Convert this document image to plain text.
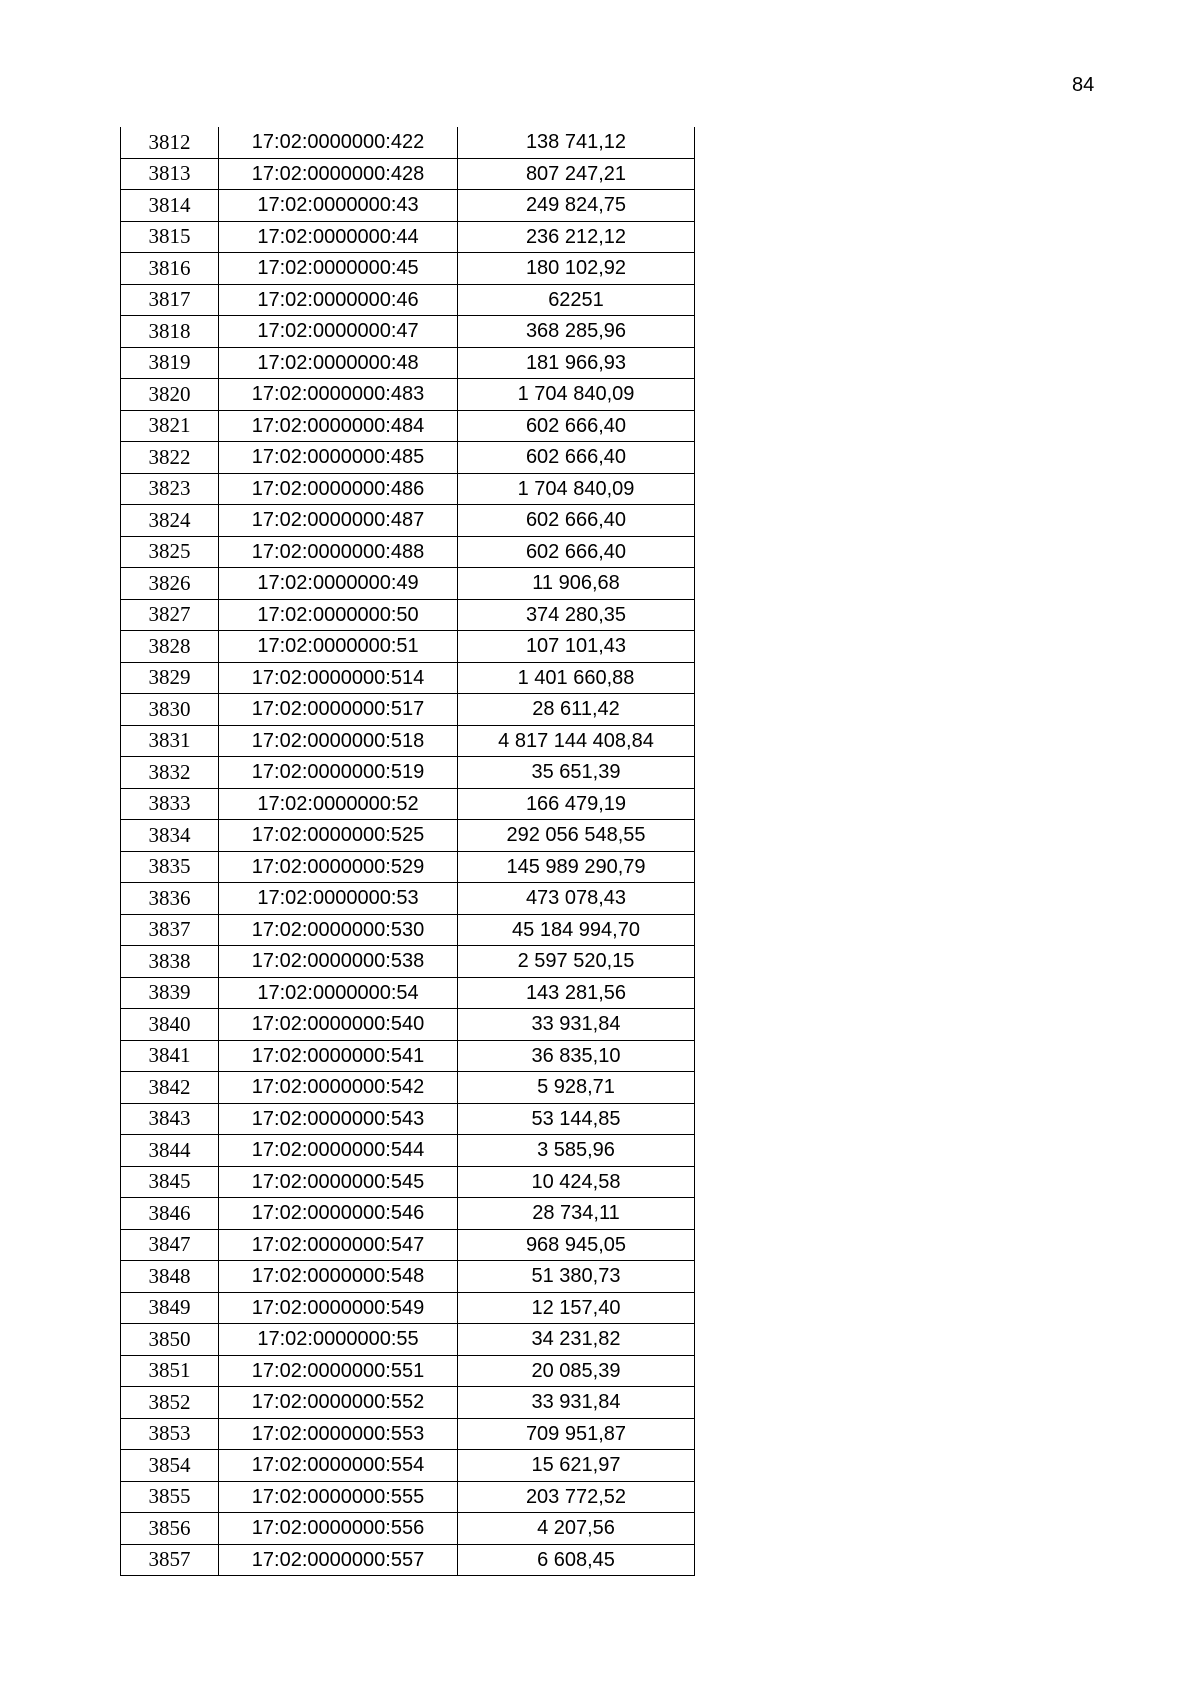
84
3812	17:02:0000000:422	138 741,12
3813	17:02:0000000:428	807 247,21
3814	17:02:0000000:43	249 824,75
3815	17:02:0000000:44	236 212,12
3816	17:02:0000000:45	180 102,92
3817	17:02:0000000:46	62251
3818	17:02:0000000:47	368 285,96
3819	17:02:0000000:48	181 966,93
3820	17:02:0000000:483	1 704 840,09
3821	17:02:0000000:484	602 666,40
3822	17:02:0000000:485	602 666,40
3823	17:02:0000000:486	1 704 840,09
3824	17:02:0000000:487	602 666,40
3825	17:02:0000000:488	602 666,40
3826	17:02:0000000:49	11 906,68
3827	17:02:0000000:50	374 280,35
3828	17:02:0000000:51	107 101,43
3829	17:02:0000000:514	1 401 660,88
3830	17:02:0000000:517	28 611,42
3831	17:02:0000000:518	4 817 144 408,84
3832	17:02:0000000:519	35 651,39
3833	17:02:0000000:52	166 479,19
3834	17:02:0000000:525	292 056 548,55
3835	17:02:0000000:529	145 989 290,79
3836	17:02:0000000:53	473 078,43
3837	17:02:0000000:530	45 184 994,70
3838	17:02:0000000:538	2 597 520,15
3839	17:02:0000000:54	143 281,56
3840	17:02:0000000:540	33 931,84
3841	17:02:0000000:541	36 835,10
3842	17:02:0000000:542	5 928,71
3843	17:02:0000000:543	53 144,85
3844	17:02:0000000:544	3 585,96
3845	17:02:0000000:545	10 424,58
3846	17:02:0000000:546	28 734,11
3847	17:02:0000000:547	968 945,05
3848	17:02:0000000:548	51 380,73
3849	17:02:0000000:549	12 157,40
3850	17:02:0000000:55	34 231,82
3851	17:02:0000000:551	20 085,39
3852	17:02:0000000:552	33 931,84
3853	17:02:0000000:553	709 951,87
3854	17:02:0000000:554	15 621,97
3855	17:02:0000000:555	203 772,52
3856	17:02:0000000:556	4 207,56
3857	17:02:0000000:557	6 608,45
